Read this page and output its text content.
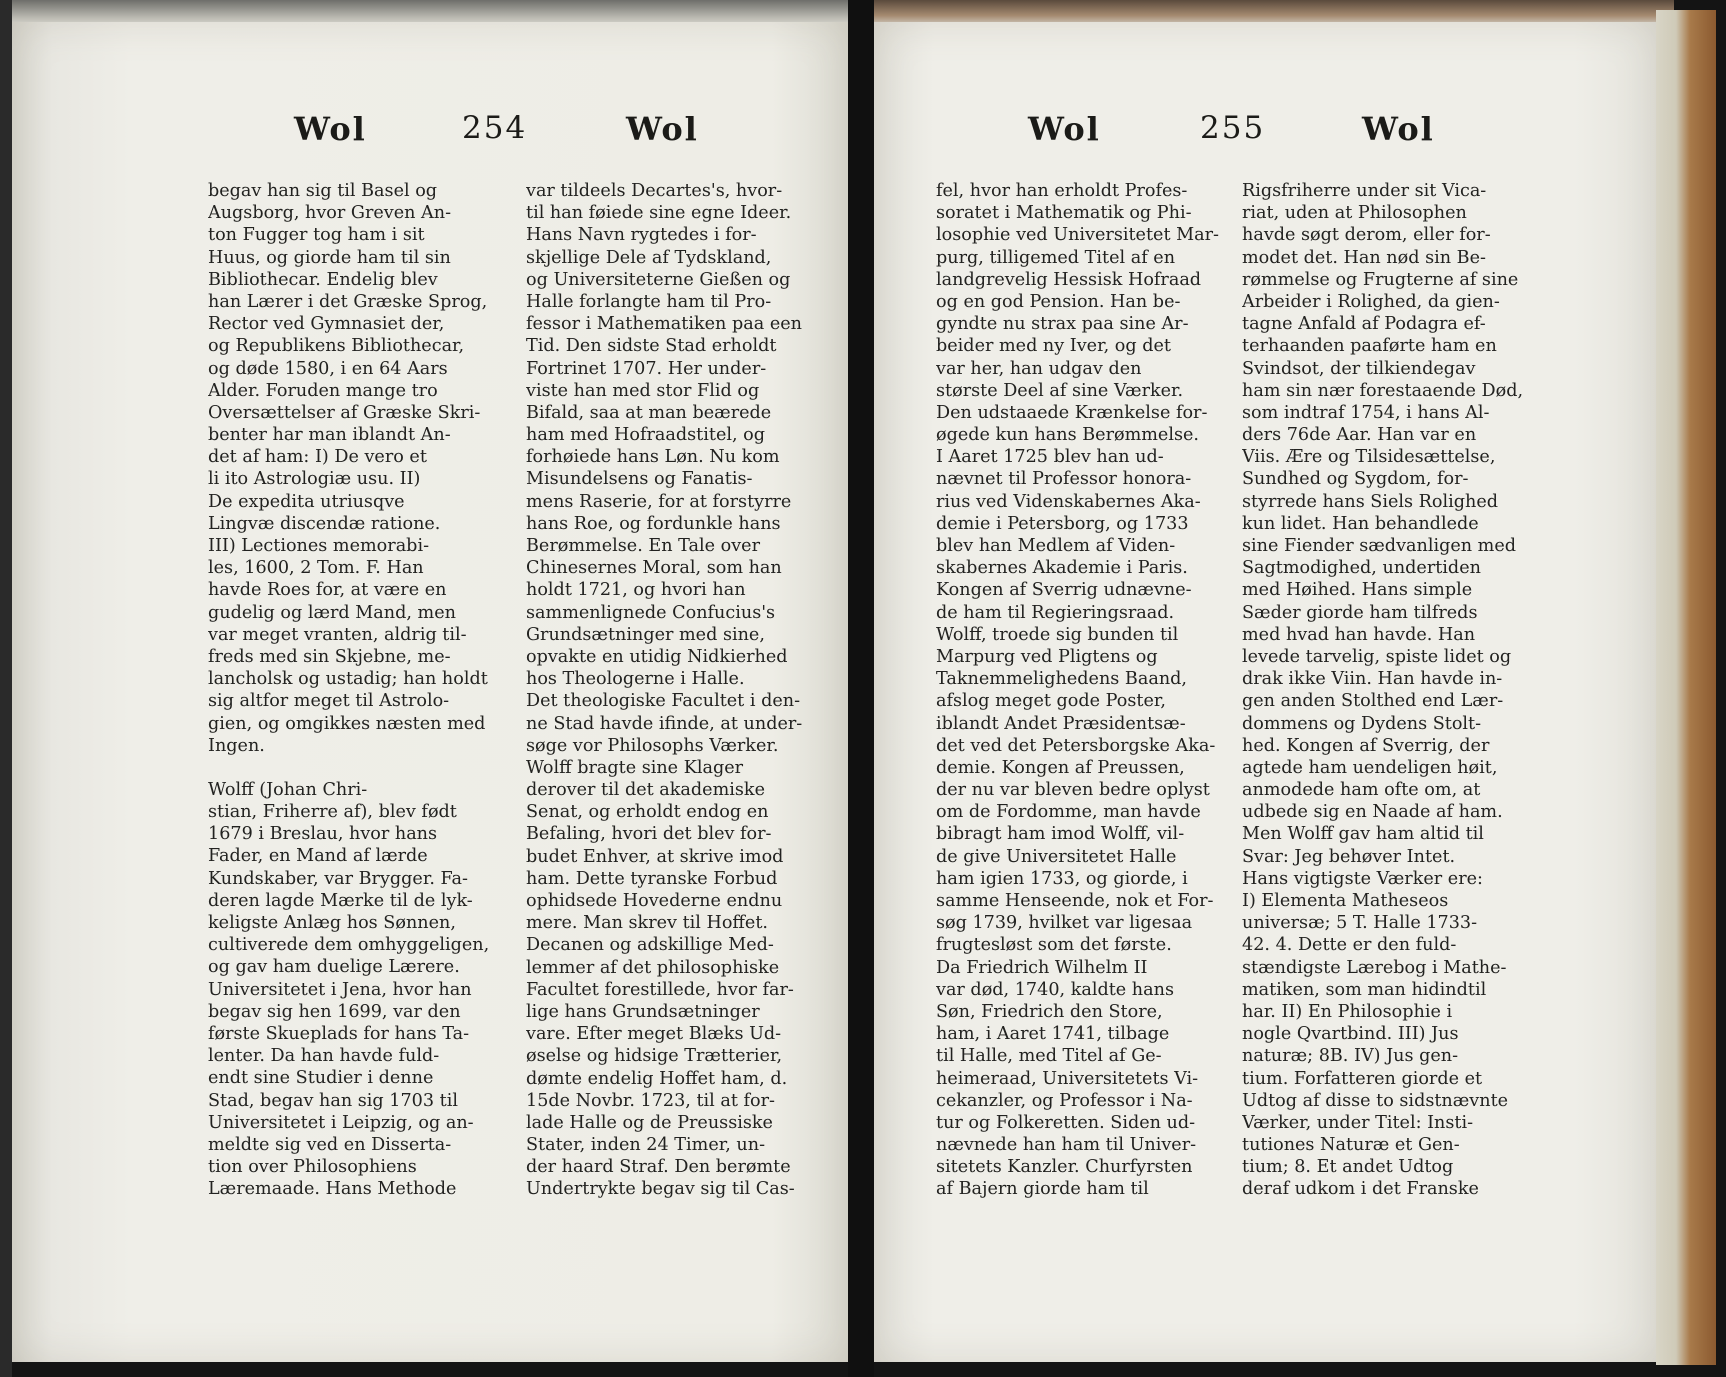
Wol	254	Wol
begav han sig til Basel og
Augsborg, hvor Greven An-
ton Fugger tog ham i sit
Huus, og giorde ham til sin
Bibliothecar. Endelig blev
han Lærer i det Græske Sprog,
Rector ved Gymnasiet der,
og Republikens Bibliothecar,
og døde 1580, i en 64 Aars
Alder. Foruden mange tro
Oversættelser af Græske Skri-
benter har man iblandt An-
det af ham: I) De vero et
li ito Astrologiæ usu. II)
De expedita utriusqve
Lingvæ discendæ ratione.
III) Lectiones memorabi-
les, 1600, 2 Tom. F. Han
havde Roes for, at være en
gudelig og lærd Mand, men
var meget vranten, aldrig til-
freds med sin Skjebne, me-
lancholsk og ustadig; han holdt
sig altfor meget til Astrolo-
gien, og omgikkes næsten med
Ingen.
Wolff (Johan Chri-
stian, Friherre af), blev født
1679 i Breslau, hvor hans
Fader, en Mand af lærde
Kundskaber, var Brygger. Fa-
deren lagde Mærke til de lyk-
keligste Anlæg hos Sønnen,
cultiverede dem omhyggeligen,
og gav ham duelige Lærere.
Universitetet i Jena, hvor han
begav sig hen 1699, var den
første Skueplads for hans Ta-
lenter. Da han havde fuld-
endt sine Studier i denne
Stad, begav han sig 1703 til
Universitetet i Leipzig, og an-
meldte sig ved en Disserta-
tion over Philosophiens
Læremaade. Hans Methode
var tildeels Decartes's, hvor-
til han føiede sine egne Ideer.
Hans Navn rygtedes i for-
skjellige Dele af Tydskland,
og Universiteterne Gießen og
Halle forlangte ham til Pro-
fessor i Mathematiken paa een
Tid. Den sidste Stad erholdt
Fortrinet 1707. Her under-
viste han med stor Flid og
Bifald, saa at man beærede
ham med Hofraadstitel, og
forhøiede hans Løn. Nu kom
Misundelsens og Fanatis-
mens Raserie, for at forstyrre
hans Roe, og fordunkle hans
Berømmelse. En Tale over
Chinesernes Moral, som han
holdt 1721, og hvori han
sammenlignede Confucius's
Grundsætninger med sine,
opvakte en utidig Nidkierhed
hos Theologerne i Halle.
Det theologiske Facultet i den-
ne Stad havde ifinde, at under-
søge vor Philosophs Værker.
Wolff bragte sine Klager
derover til det akademiske
Senat, og erholdt endog en
Befaling, hvori det blev for-
budet Enhver, at skrive imod
ham. Dette tyranske Forbud
ophidsede Hovederne endnu
mere. Man skrev til Hoffet.
Decanen og adskillige Med-
lemmer af det philosophiske
Facultet forestillede, hvor far-
lige hans Grundsætninger
vare. Efter meget Blæks Ud-
øselse og hidsige Trætterier,
dømte endelig Hoffet ham, d.
15de Novbr. 1723, til at for-
lade Halle og de Preussiske
Stater, inden 24 Timer, un-
der haard Straf. Den berømte
Undertrykte begav sig til Cas-
Wol	255	Wol
fel, hvor han erholdt Profes-
soratet i Mathematik og Phi-
losophie ved Universitetet Mar-
purg, tilligemed Titel af en
landgrevelig Hessisk Hofraad
og en god Pension. Han be-
gyndte nu strax paa sine Ar-
beider med ny Iver, og det
var her, han udgav den
største Deel af sine Værker.
Den udstaaede Krænkelse for-
øgede kun hans Berømmelse.
I Aaret 1725 blev han ud-
nævnet til Professor honora-
rius ved Videnskabernes Aka-
demie i Petersborg, og 1733
blev han Medlem af Viden-
skabernes Akademie i Paris.
Kongen af Sverrig udnævne-
de ham til Regieringsraad.
Wolff, troede sig bunden til
Marpurg ved Pligtens og
Taknemmelighedens Baand,
afslog meget gode Poster,
iblandt Andet Præsidentsæ-
det ved det Petersborgske Aka-
demie. Kongen af Preussen,
der nu var bleven bedre oplyst
om de Fordomme, man havde
bibragt ham imod Wolff, vil-
de give Universitetet Halle
ham igien 1733, og giorde, i
samme Henseende, nok et For-
søg 1739, hvilket var ligesaa
frugtesløst som det første.
Da Friedrich Wilhelm II
var død, 1740, kaldte hans
Søn, Friedrich den Store,
ham, i Aaret 1741, tilbage
til Halle, med Titel af Ge-
heimeraad, Universitetets Vi-
cekanzler, og Professor i Na-
tur og Folkeretten. Siden ud-
nævnede han ham til Univer-
sitetets Kanzler. Churfyrsten
af Bajern giorde ham til
Rigsfriherre under sit Vica-
riat, uden at Philosophen
havde søgt derom, eller for-
modet det. Han nød sin Be-
rømmelse og Frugterne af sine
Arbeider i Rolighed, da gien-
tagne Anfald af Podagra ef-
terhaanden paaførte ham en
Svindsot, der tilkiendegav
ham sin nær forestaaende Død,
som indtraf 1754, i hans Al-
ders 76de Aar. Han var en
Viis. Ære og Tilsidesættelse,
Sundhed og Sygdom, for-
styrrede hans Siels Rolighed
kun lidet. Han behandlede
sine Fiender sædvanligen med
Sagtmodighed, undertiden
med Høihed. Hans simple
Sæder giorde ham tilfreds
med hvad han havde. Han
levede tarvelig, spiste lidet og
drak ikke Viin. Han havde in-
gen anden Stolthed end Lær-
dommens og Dydens Stolt-
hed. Kongen af Sverrig, der
agtede ham uendeligen høit,
anmodede ham ofte om, at
udbede sig en Naade af ham.
Men Wolff gav ham altid til
Svar: Jeg behøver Intet.
Hans vigtigste Værker ere:
I) Elementa Matheseos
universæ; 5 T. Halle 1733-
42. 4. Dette er den fuld-
stændigste Lærebog i Mathe-
matiken, som man hidindtil
har. II) En Philosophie i
nogle Qvartbind. III) Jus
naturæ; 8B. IV) Jus gen-
tium. Forfatteren giorde et
Udtog af disse to sidstnævnte
Værker, under Titel: Insti-
tutiones Naturæ et Gen-
tium; 8. Et andet Udtog
deraf udkom i det Franske
